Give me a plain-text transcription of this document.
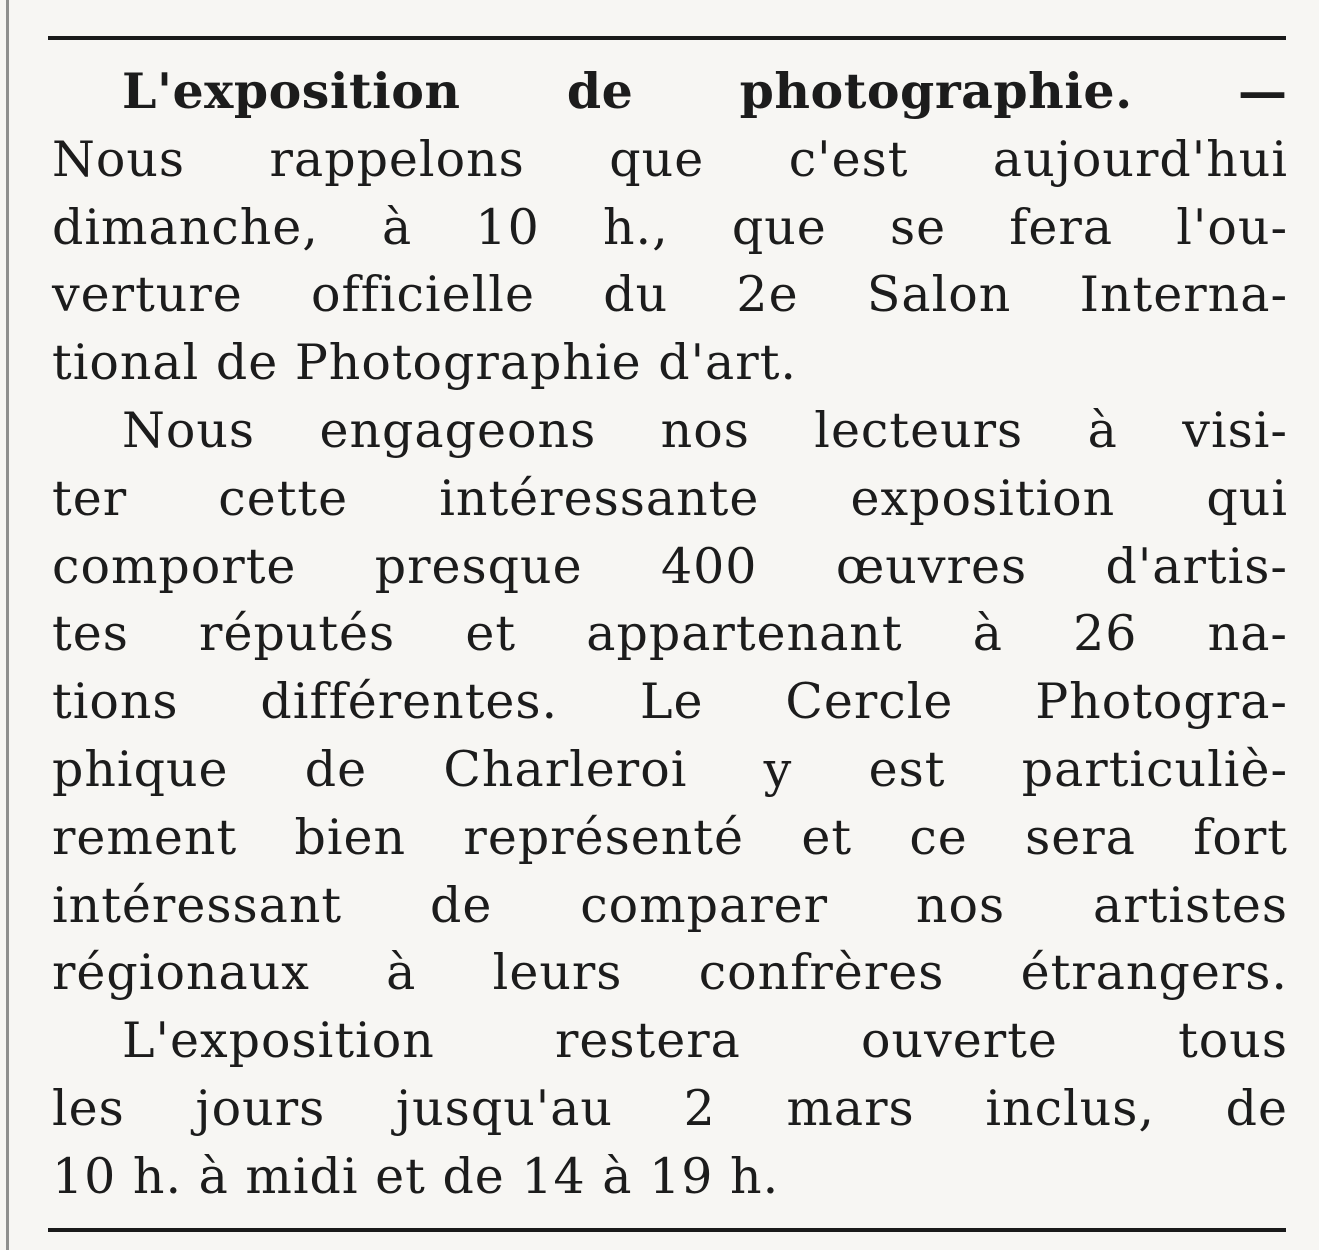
L'exposition de photographie. —
Nous rappelons que c'est aujourd'hui
dimanche, à 10 h., que se fera l'ou-
verture officielle du 2e Salon Interna-
tional de Photographie d'art.
Nous engageons nos lecteurs à visi-
ter cette intéressante exposition qui
comporte presque 400 œuvres d'artis-
tes réputés et appartenant à 26 na-
tions différentes. Le Cercle Photogra-
phique de Charleroi y est particuliè-
rement bien représenté et ce sera fort
intéressant de comparer nos artistes
régionaux à leurs confrères étrangers.
L'exposition restera ouverte tous
les jours jusqu'au 2 mars inclus, de
10 h. à midi et de 14 à 19 h.
